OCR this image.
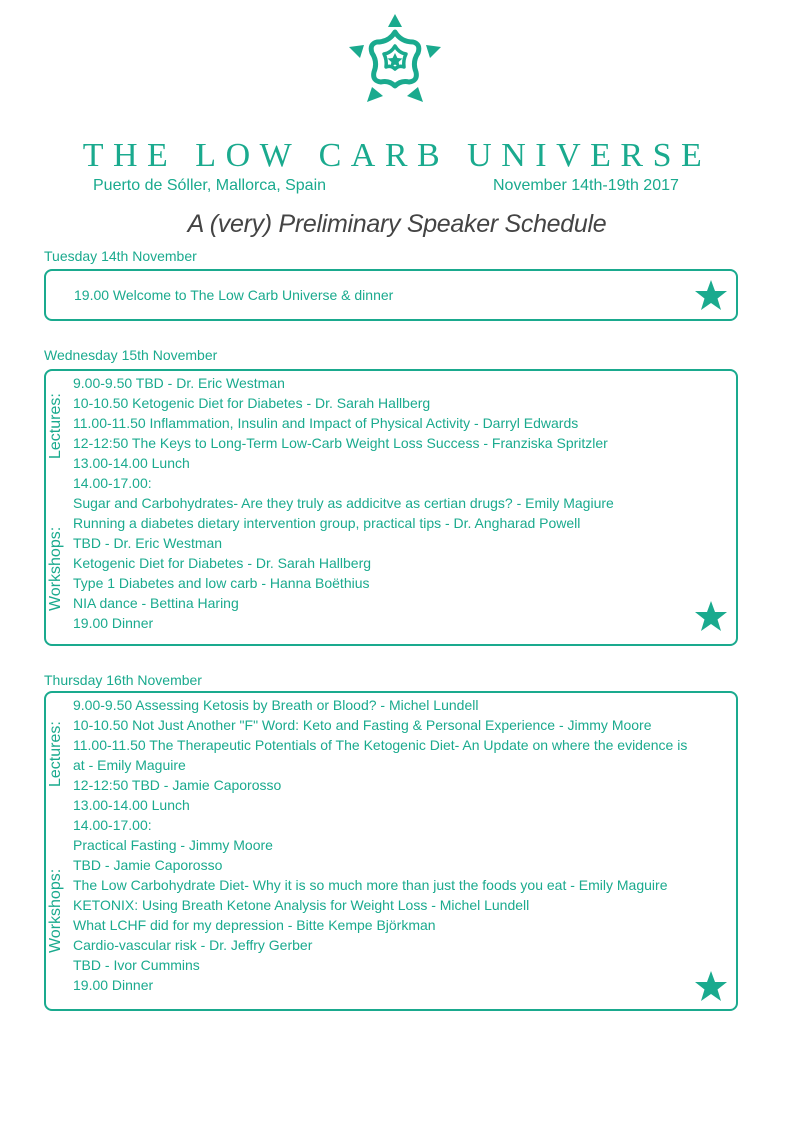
THE LOW CARB UNIVERSE
Puerto de Sóller, Mallorca, Spain	November 14th-19th 2017
A (very) Preliminary Speaker Schedule
Tuesday 14th November
19.00 Welcome to The Low Carb Universe & dinner
Wednesday 15th November
Lectures:
Workshops:
9.00-9.50 TBD - Dr. Eric Westman
10-10.50 Ketogenic Diet for Diabetes - Dr. Sarah Hallberg
11.00-11.50 Inflammation, Insulin and Impact of Physical Activity - Darryl Edwards
12-12:50 The Keys to Long-Term Low-Carb Weight Loss Success - Franziska Spritzler
13.00-14.00 Lunch
14.00-17.00:
Sugar and Carbohydrates- Are they truly as addicitve as certian drugs? - Emily Magiure
Running a diabetes dietary intervention group, practical tips - Dr. Angharad Powell
TBD - Dr. Eric Westman
Ketogenic Diet for Diabetes - Dr. Sarah Hallberg
Type 1 Diabetes and low carb - Hanna Boëthius
NIA dance - Bettina Haring
19.00 Dinner
Thursday 16th November
Lectures:
Workshops:
9.00-9.50 Assessing Ketosis by Breath or Blood? - Michel Lundell
10-10.50 Not Just Another "F" Word: Keto and Fasting & Personal Experience - Jimmy Moore
11.00-11.50 The Therapeutic Potentials of The Ketogenic Diet- An Update on where the evidence is at - Emily Maguire
12-12:50 TBD - Jamie Caporosso
13.00-14.00 Lunch
14.00-17.00:
Practical Fasting - Jimmy Moore
TBD - Jamie Caporosso
The Low Carbohydrate Diet- Why it is so much more than just the foods you eat - Emily Maguire
KETONIX: Using Breath Ketone Analysis for Weight Loss - Michel Lundell
What LCHF did for my depression - Bitte Kempe Björkman
Cardio-vascular risk - Dr. Jeffry Gerber
TBD - Ivor Cummins
19.00 Dinner
